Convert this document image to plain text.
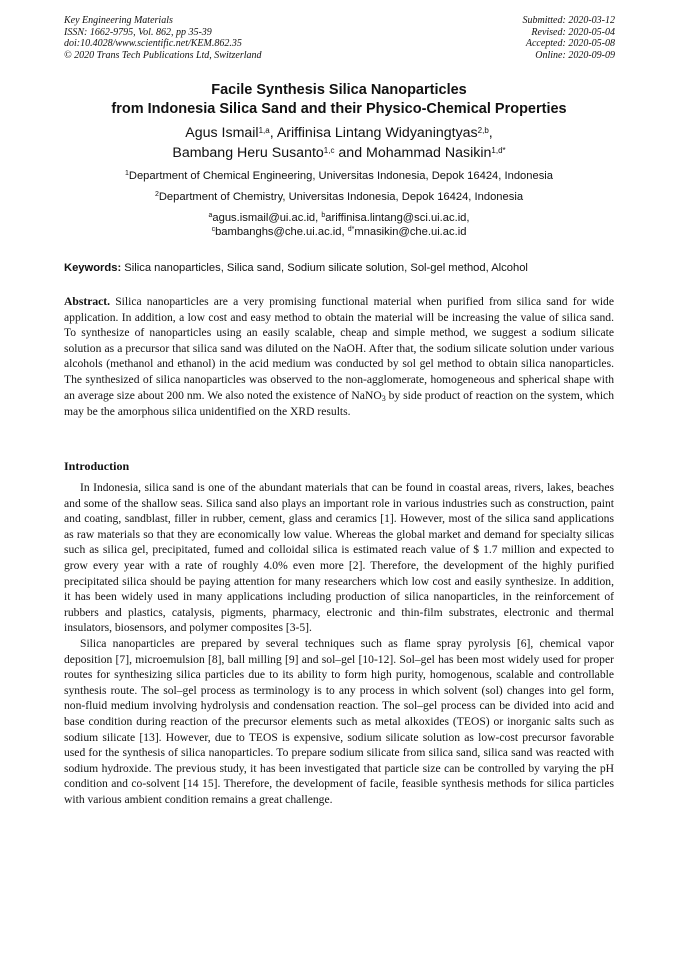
Key Engineering Materials
ISSN: 1662-9795, Vol. 862, pp 35-39
doi:10.4028/www.scientific.net/KEM.862.35
© 2020 Trans Tech Publications Ltd, Switzerland
Submitted: 2020-03-12
Revised: 2020-05-04
Accepted: 2020-05-08
Online: 2020-09-09
Facile Synthesis Silica Nanoparticles
from Indonesia Silica Sand and their Physico-Chemical Properties
Agus Ismail$^{1,a}$, Ariffinisa Lintang Widyaningtyas$^{2,b}$,
Bambang Heru Susanto$^{1,c}$ and Mohammad Nasikin$^{1,d*}$
$^1$Department of Chemical Engineering, Universitas Indonesia, Depok 16424, Indonesia
$^2$Department of Chemistry, Universitas Indonesia, Depok 16424, Indonesia
$^a$agus.ismail@ui.ac.id, $^b$ariffinisa.lintang@sci.ui.ac.id,
$^c$bambanghs@che.ui.ac.id, $^{d*}$mnasikin@che.ui.ac.id
Keywords: Silica nanoparticles, Silica sand, Sodium silicate solution, Sol-gel method, Alcohol
Abstract. Silica nanoparticles are a very promising functional material when purified from silica sand for wide application. In addition, a low cost and easy method to obtain the material will be increasing the value of silica sand. To synthesize of nanoparticles using an easily scalable, cheap and simple method, we suggest a sodium silicate solution as a precursor that silica sand was diluted on the NaOH. After that, the sodium silicate solution under various alcohols (methanol and ethanol) in the acid medium was conducted by sol gel method to obtain silica nanoparticles. The synthesized of silica nanoparticles was observed to the non-agglomerate, homogeneous and spherical shape with an average size about 200 nm. We also noted the existence of NaNO$_3$ by side product of reaction on the system, which may be the amorphous silica unidentified on the XRD results.
Introduction

In Indonesia, silica sand is one of the abundant materials that can be found in coastal areas, rivers, lakes, beaches and some of the shallow seas. Silica sand also plays an important role in various industries such as construction, paint and coating, sandblast, filler in rubber, cement, glass and ceramics [1]. However, most of the silica sand applications as raw materials so that they are economically low value. Whereas the global market and demand for specialty silicas such as silica gel, precipitated, fumed and colloidal silica is estimated reach value of $ 1.7 million and expected to grow every year with a rate of roughly 4.0% even more [2]. Therefore, the development of the highly purified precipitated silica should be paying attention for many researchers which low cost and easily synthesize. In addition, it has been widely used in many applications including production of silica nanoparticles, in the reinforcement of rubbers and plastics, catalysis, pigments, pharmacy, electronic and thin-film substrates, electronic and thermal insulators, biosensors, and polymer composites [3-5].

Silica nanoparticles are prepared by several techniques such as flame spray pyrolysis [6], chemical vapor deposition [7], microemulsion [8], ball milling [9] and sol–gel [10-12]. Sol–gel has been most widely used for proper routes for synthesizing silica particles due to its ability to form high purity, homogenous, scalable and controllable synthesis route. The sol–gel process as terminology is to any process in which solvent (sol) changes into gel form, non-fluid medium involving hydrolysis and condensation reaction. The sol–gel process can be divided into acid and base condition during reaction of the precursor elements such as metal alkoxides (TEOS) or inorganic salts such as sodium silicate [13]. However, due to TEOS is expensive, sodium silicate solution as low-cost precursor favorable used for the synthesis of silica nanoparticles. To prepare sodium silicate from silica sand, silica sand was reacted with sodium hydroxide. The previous study, it has been investigated that particle size can be controlled by varying the pH condition and co-solvent [14 15]. Therefore, the development of facile, feasible synthesis methods for silica particles with various ambient condition remains a great challenge.
